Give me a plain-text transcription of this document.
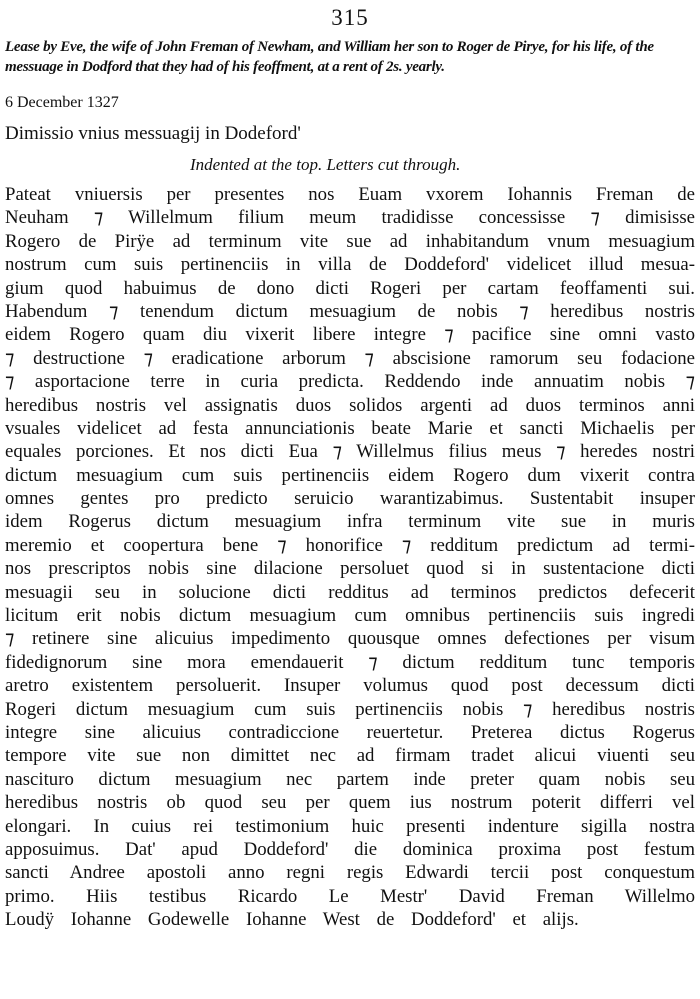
315
Lease by Eve, the wife of John Freman of Newham, and William her son to Roger de Pirye, for his life, of the messuage in Dodford that they had of his feoffment, at a rent of 2s. yearly.
6 December 1327
Dimissio vnius messuagij in Dodeford'
Indented at the top. Letters cut through.
Pateat vniuersis per presentes nos Euam vxorem Iohannis Freman de
Neuham ⁊ Willelmum filium meum tradidisse concessisse ⁊ dimisisse
Rogero de Pirÿe ad terminum vite sue ad inhabitandum vnum mesuagium
nostrum cum suis pertinenciis in villa de Doddeford' videlicet illud mesua-
gium quod habuimus de dono dicti Rogeri per cartam feoffamenti sui.
Habendum ⁊ tenendum dictum mesuagium de nobis ⁊ heredibus nostris
eidem Rogero quam diu vixerit libere integre ⁊ pacifice sine omni vasto
⁊ destructione ⁊ eradicatione arborum ⁊ abscisione ramorum seu fodacione
⁊ asportacione terre in curia predicta. Reddendo inde annuatim nobis ⁊
heredibus nostris vel assignatis duos solidos argenti ad duos terminos anni
vsuales videlicet ad festa annunciationis beate Marie et sancti Michaelis per
equales porciones. Et nos dicti Eua ⁊ Willelmus filius meus ⁊ heredes nostri
dictum mesuagium cum suis pertinenciis eidem Rogero dum vixerit contra
omnes gentes pro predicto seruicio warantizabimus. Sustentabit insuper
idem Rogerus dictum mesuagium infra terminum vite sue in muris
meremio et coopertura bene ⁊ honorifice ⁊ redditum predictum ad termi-
nos prescriptos nobis sine dilacione persoluet quod si in sustentacione dicti
mesuagii seu in solucione dicti redditus ad terminos predictos defecerit
licitum erit nobis dictum mesuagium cum omnibus pertinenciis suis ingredi
⁊ retinere sine alicuius impedimento quousque omnes defectiones per visum
fidedignorum sine mora emendauerit ⁊ dictum redditum tunc temporis
aretro existentem persoluerit. Insuper volumus quod post decessum dicti
Rogeri dictum mesuagium cum suis pertinenciis nobis ⁊ heredibus nostris
integre sine alicuius contradiccione reuertetur. Preterea dictus Rogerus
tempore vite sue non dimittet nec ad firmam tradet alicui viuenti seu
nasciturо dictum mesuagium nec partem inde preter quam nobis seu
heredibus nostris ob quod seu per quem ius nostrum poterit differri vel
elongari. In cuius rei testimonium huic presenti indenture sigilla nostra
apposuimus. Dat' apud Doddeford' die dominica proxima post festum
sancti Andree apostoli anno regni regis Edwardi tercii post conquestum
primo. Hiis testibus Ricardo Le Mestr' David Freman Willelmo
Loudÿ Iohanne Godewelle Iohanne West de Doddeford' et alijs.
